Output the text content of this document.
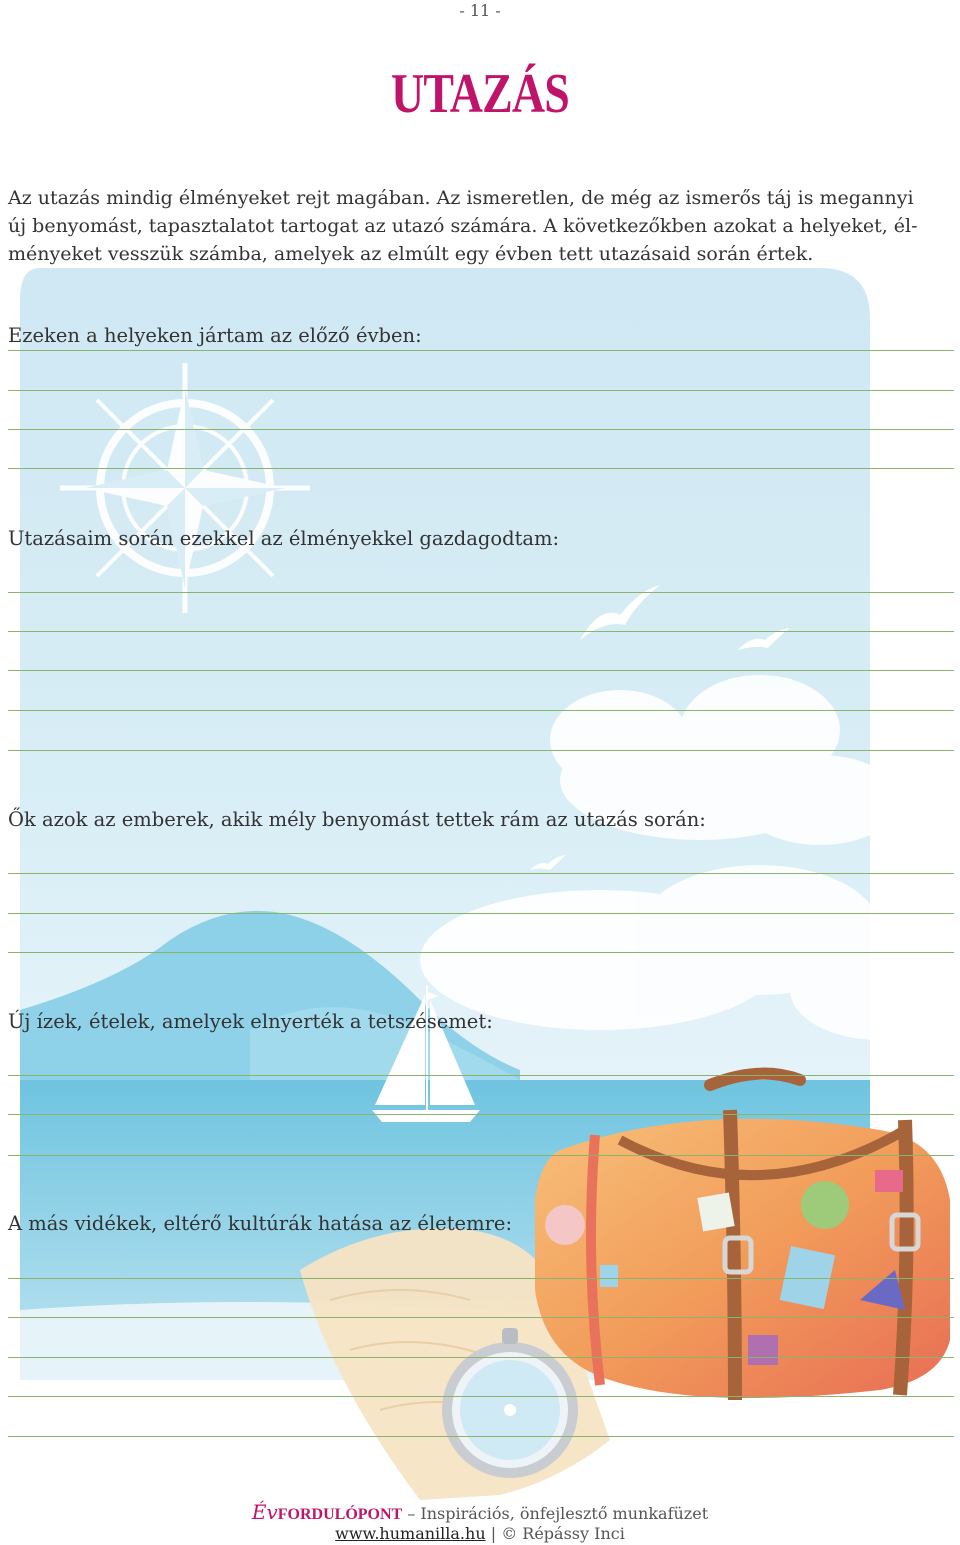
- 11 -
UTAZÁS
Az utazás mindig élményeket rejt magában. Az ismeretlen, de még az ismerős táj is megannyi
új benyomást, tapasztalatot tartogat az utazó számára. A következőkben azokat a helyeket, él-
ményeket vesszük számba, amelyek az elmúlt egy évben tett utazásaid során értek.
Ezeken a helyeken jártam az előző évben:
Utazásaim során ezekkel az élményekkel gazdagodtam:
Ők azok az emberek, akik mély benyomást tettek rám az utazás során:
Új ízek, ételek, amelyek elnyerték a tetszésemet:
A más vidékek, eltérő kultúrák hatása az életemre:
ÉvFORDULÓPONT – Inspirációs, önfejlesztő munkafüzet
www.humanilla.hu | © Répássy Inci
